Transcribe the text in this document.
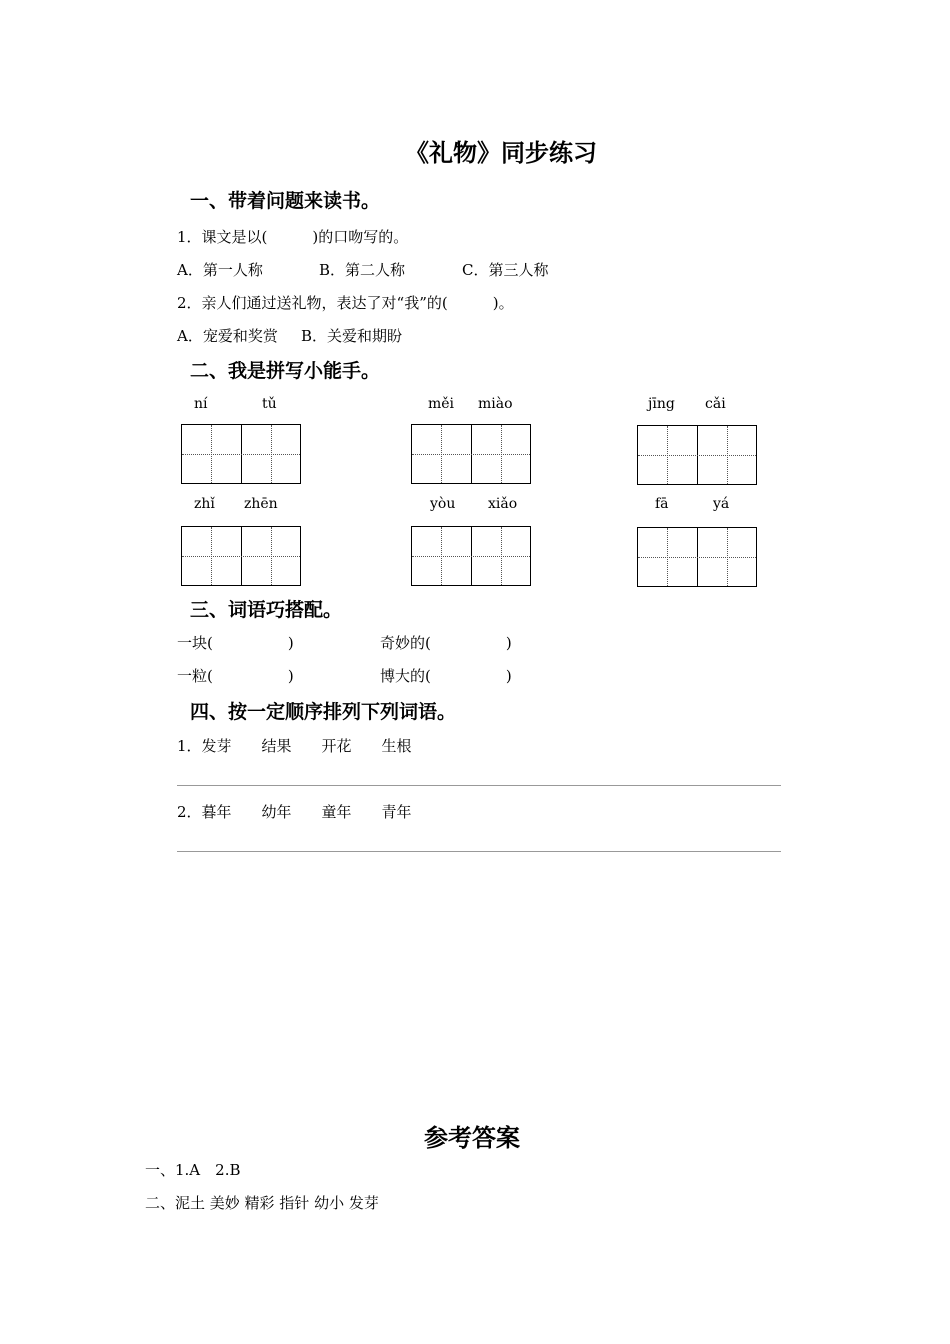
《礼物》同步练习
一、带着问题来读书。
1．课文是以(　　　)的口吻写的。
A．第一人称	B．第二人称	C．第三人称
2．亲人们通过送礼物，表达了对“我”的(　　　)。
A．宠爱和奖赏 B．关爱和期盼
二、我是拼写小能手。
ní	tǔ	měi miào	jīng cǎi
zhǐ zhēn	yòu xiǎo	fā	yá
三、词语巧搭配。
一块(　　　　　)	奇妙的(　　　　　)
一粒(　　　　　)	博大的(　　　　　)
四、按一定顺序排列下列词语。
1．发芽　　结果　　开花　　生根
2．暮年　　幼年　　童年　　青年
参考答案
一、1.A　2.B
二、泥土 美妙 精彩 指针 幼小 发芽
